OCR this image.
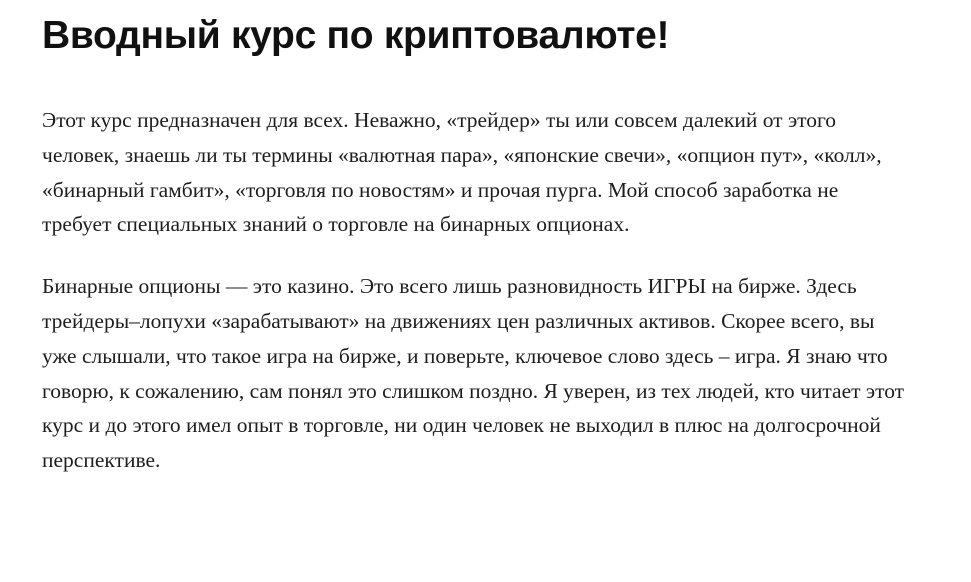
Вводный курс по криптовалюте!

Этот курс предназначен для всех. Неважно, «трейдер» ты или совсем далекий от этого человек, знаешь ли ты термины «валютная пара», «японские свечи», «опцион пут», «колл», «бинарный гамбит», «торговля по новостям» и прочая пурга. Мой способ заработка не требует специальных знаний о торговле на бинарных опционах.

Бинарные опционы — это казино. Это всего лишь разновидность ИГРЫ на бирже. Здесь трейдеры–лопухи «зарабатывают» на движениях цен различных активов. Скорее всего, вы уже слышали, что такое игра на бирже, и поверьте, ключевое слово здесь – игра. Я знаю что говорю, к сожалению, сам понял это слишком поздно. Я уверен, из тех людей, кто читает этот курс и до этого имел опыт в торговле, ни один человек не выходил в плюс на долгосрочной перспективе.
